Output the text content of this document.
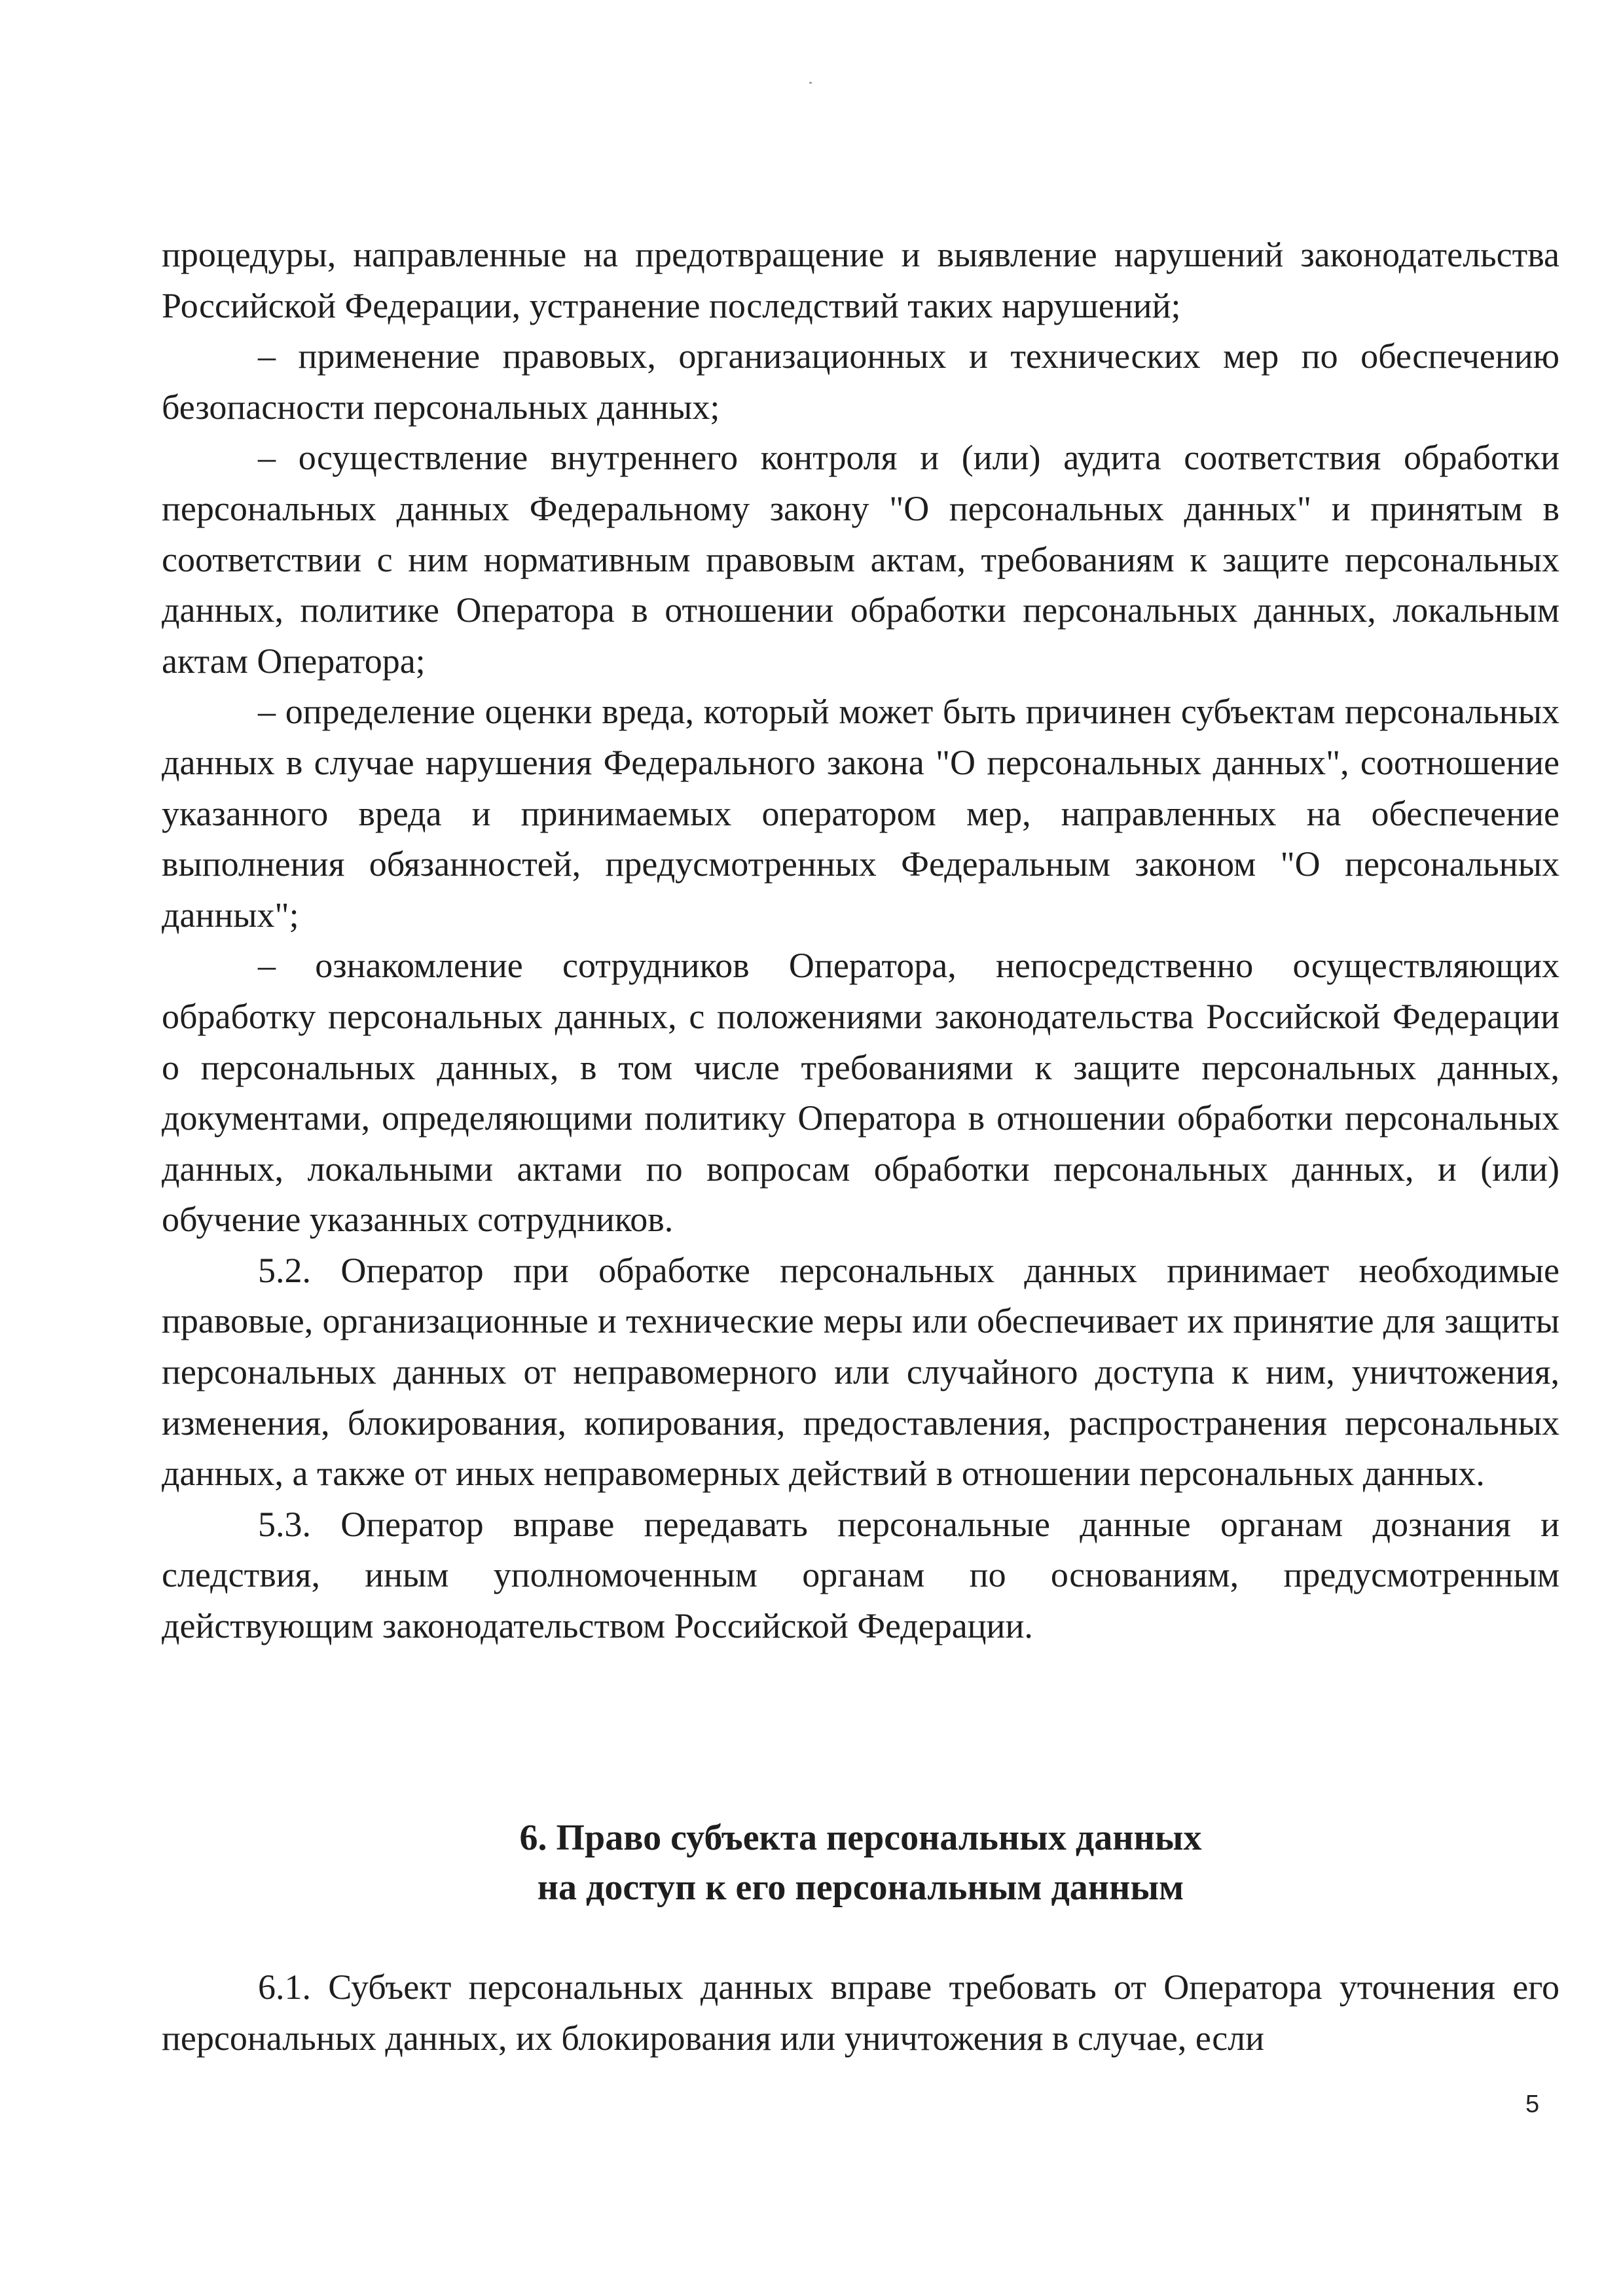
процедуры, направленные на предотвращение и выявление нарушений законодательства Российской Федерации, устранение последствий таких нарушений;

– применение правовых, организационных и технических мер по обеспечению безопасности персональных данных;

– осуществление внутреннего контроля и (или) аудита соответствия обработки персональных данных Федеральному закону "О персональных данных" и принятым в соответствии с ним нормативным правовым актам, требованиям к защите персональных данных, политике Оператора в отношении обработки персональных данных, локальным актам Оператора;

– определение оценки вреда, который может быть причинен субъектам персональных данных в случае нарушения Федерального закона "О персональных данных", соотношение указанного вреда и принимаемых оператором мер, направленных на обеспечение выполнения обязанностей, предусмотренных Федеральным законом "О персональных данных";

– ознакомление сотрудников Оператора, непосредственно осуществляющих обработку персональных данных, с положениями законодательства Российской Федерации о персональных данных, в том числе требованиями к защите персональных данных, документами, определяющими политику Оператора в отношении обработки персональных данных, локальными актами по вопросам обработки персональных данных, и (или) обучение указанных сотрудников.

5.2. Оператор при обработке персональных данных принимает необходимые правовые, организационные и технические меры или обеспечивает их принятие для защиты персональных данных от неправомерного или случайного доступа к ним, уничтожения, изменения, блокирования, копирования, предоставления, распространения персональных данных, а также от иных неправомерных действий в отношении персональных данных.

5.3. Оператор вправе передавать персональные данные органам дознания и следствия, иным уполномоченным органам по основаниям, предусмотренным действующим законодательством Российской Федерации.

6. Право субъекта персональных данных
на доступ к его персональным данным

6.1. Субъект персональных данных вправе требовать от Оператора уточнения его персональных данных, их блокирования или уничтожения в случае, если

5
